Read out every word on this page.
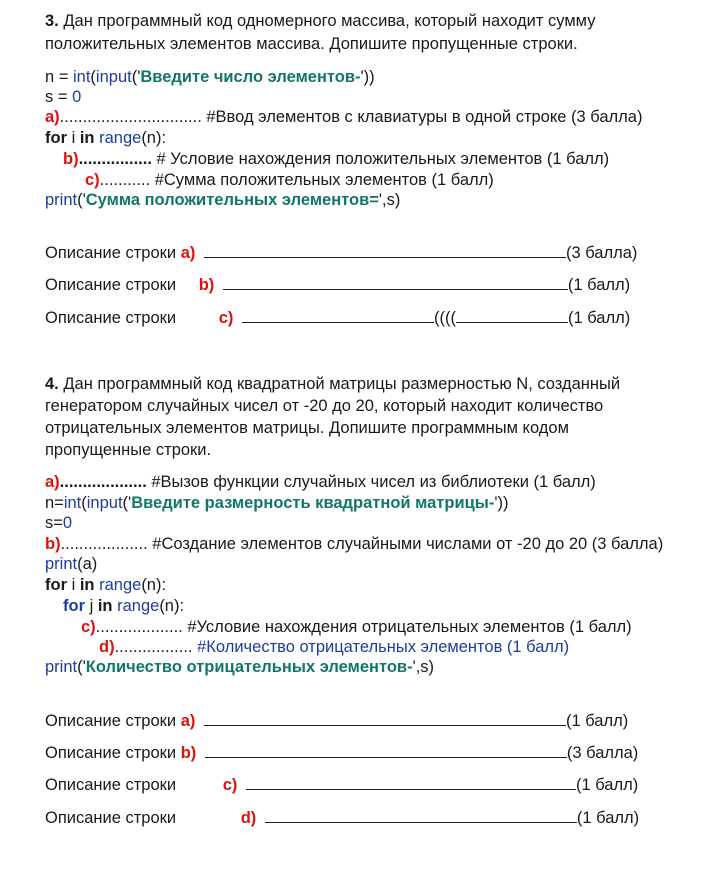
3. Дан программный код одномерного массива, который находит сумму
положительных элементов массива. Допишите пропущенные строки.
n = int(input('Введите число элементов-'))
s = 0
a)............................... #Ввод элементов с клавиатуры в одной строке (3 балла)
for i in range(n):
b)................ # Условие нахождения положительных элементов (1 балл)
c)........... #Сумма положительных элементов (1 балл)
print('Сумма положительных элементов=',s)
Описание строки a)	(3 балла)
Описание строки b)	(1 балл)
Описание строки	c)	((((	(1 балл)
4. Дан программный код квадратной матрицы размерностью N, созданный
генератором случайных чисел от -20 до 20, который находит количество
отрицательных элементов матрицы. Допишите программным кодом
пропущенные строки.
a)................... #Вызов функции случайных чисел из библиотеки (1 балл)
n=int(input('Введите размерность квадратной матрицы-'))
s=0
b)................... #Создание элементов случайными числами от -20 до 20 (3 балла)
print(a)
for i in range(n):
for j in range(n):
c)................... #Условие нахождения отрицательных элементов (1 балл)
d)................. #Количество отрицательных элементов (1 балл)
print('Количество отрицательных элементов-',s)
Описание строки a)	(1 балл)
Описание строки b)	(3 балла)
Описание строки	c)	(1 балл)
Описание строки	d)	(1 балл)
